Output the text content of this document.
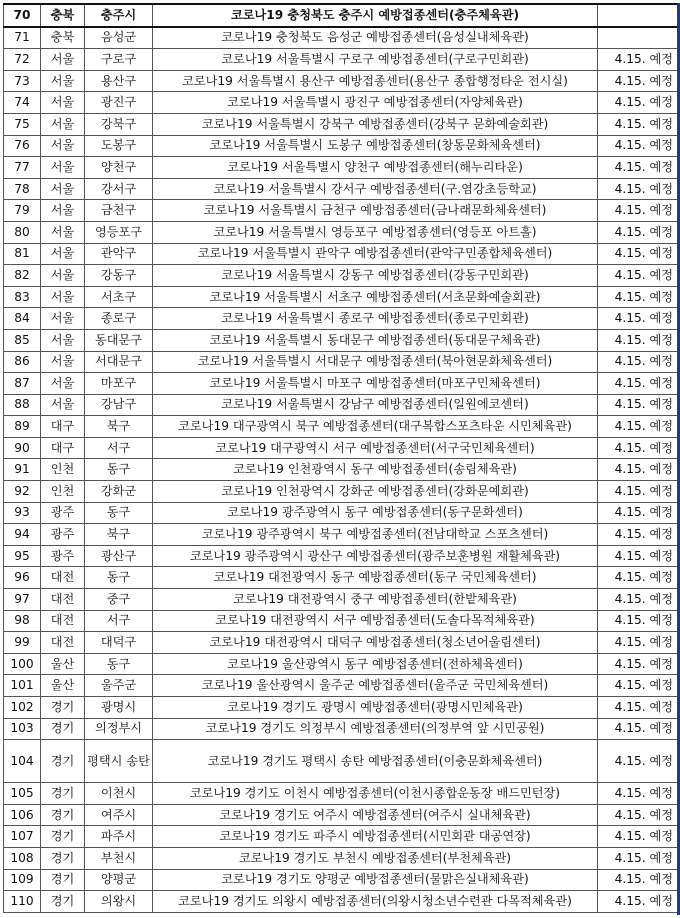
70	충북	충주시	코로나19 충청북도 충주시 예방접종센터(충주체육관)	
71	충북	음성군	코로나19 충청북도 음성군 예방접종센터(음성실내체육관)	
72	서울	구로구	코로나19 서울특별시 구로구 예방접종센터(구로구민회관)	4.15. 예정
73	서울	용산구	코로나19 서울특별시 용산구 예방접종센터(용산구 종합행정타운 전시실)	4.15. 예정
74	서울	광진구	코로나19 서울특별시 광진구 예방접종센터(자양체육관)	4.15. 예정
75	서울	강북구	코로나19 서울특별시 강북구 예방접종센터(강북구 문화예술회관)	4.15. 예정
76	서울	도봉구	코로나19 서울특별시 도봉구 예방접종센터(창동문화체육센터)	4.15. 예정
77	서울	양천구	코로나19 서울특별시 양천구 예방접종센터(해누리타운)	4.15. 예정
78	서울	강서구	코로나19 서울특별시 강서구 예방접종센터(구.염강초등학교)	4.15. 예정
79	서울	금천구	코로나19 서울특별시 금천구 예방접종센터(금나래문화체육센터)	4.15. 예정
80	서울	영등포구	코로나19 서울특별시 영등포구 예방접종센터(영등포 아트홀)	4.15. 예정
81	서울	관악구	코로나19 서울특별시 관악구 예방접종센터(관악구민종합체육센터)	4.15. 예정
82	서울	강동구	코로나19 서울특별시 강동구 예방접종센터(강동구민회관)	4.15. 예정
83	서울	서초구	코로나19 서울특별시 서초구 예방접종센터(서초문화예술회관)	4.15. 예정
84	서울	종로구	코로나19 서울특별시 종로구 예방접종센터(종로구민회관)	4.15. 예정
85	서울	동대문구	코로나19 서울특별시 동대문구 예방접종센터(동대문구체육관)	4.15. 예정
86	서울	서대문구	코로나19 서울특별시 서대문구 예방접종센터(북아현문화체육센터)	4.15. 예정
87	서울	마포구	코로나19 서울특별시 마포구 예방접종센터(마포구민체육센터)	4.15. 예정
88	서울	강남구	코로나19 서울특별시 강남구 예방접종센터(일원에코센터)	4.15. 예정
89	대구	북구	코로나19 대구광역시 북구 예방접종센터(대구복합스포츠타운 시민체육관)	4.15. 예정
90	대구	서구	코로나19 대구광역시 서구 예방접종센터(서구국민체육센터)	4.15. 예정
91	인천	동구	코로나19 인천광역시 동구 예방접종센터(송림체육관)	4.15. 예정
92	인천	강화군	코로나19 인천광역시 강화군 예방접종센터(강화문예회관)	4.15. 예정
93	광주	동구	코로나19 광주광역시 동구 예방접종센터(동구문화센터)	4.15. 예정
94	광주	북구	코로나19 광주광역시 북구 예방접종센터(전남대학교 스포츠센터)	4.15. 예정
95	광주	광산구	코로나19 광주광역시 광산구 예방접종센터(광주보훈병원 재활체육관)	4.15. 예정
96	대전	동구	코로나19 대전광역시 동구 예방접종센터(동구 국민체육센터)	4.15. 예정
97	대전	중구	코로나19 대전광역시 중구 예방접종센터(한밭체육관)	4.15. 예정
98	대전	서구	코로나19 대전광역시 서구 예방접종센터(도솔다목적체육관)	4.15. 예정
99	대전	대덕구	코로나19 대전광역시 대덕구 예방접종센터(청소년어울림센터)	4.15. 예정
100	울산	동구	코로나19 울산광역시 동구 예방접종센터(전하체육센터)	4.15. 예정
101	울산	울주군	코로나19 울산광역시 울주군 예방접종센터(울주군 국민체육센터)	4.15. 예정
102	경기	광명시	코로나19 경기도 광명시 예방접종센터(광명시민체육관)	4.15. 예정
103	경기	의정부시	코로나19 경기도 의정부시 예방접종센터(의정부역 앞 시민공원)	4.15. 예정
104	경기	평택시 송탄	코로나19 경기도 평택시 송탄 예방접종센터(이충문화체육센터)	4.15. 예정
105	경기	이천시	코로나19 경기도 이천시 예방접종센터(이천시종합운동장 배드민턴장)	4.15. 예정
106	경기	여주시	코로나19 경기도 여주시 예방접종센터(여주시 실내체육관)	4.15. 예정
107	경기	파주시	코로나19 경기도 파주시 예방접종센터(시민회관 대공연장)	4.15. 예정
108	경기	부천시	코로나19 경기도 부천시 예방접종센터(부천체육관)	4.15. 예정
109	경기	양평군	코로나19 경기도 양평군 예방접종센터(물맑은실내체육관)	4.15. 예정
110	경기	의왕시	코로나19 경기도 의왕시 예방접종센터(의왕시청소년수련관 다목적체육관)	4.15. 예정
